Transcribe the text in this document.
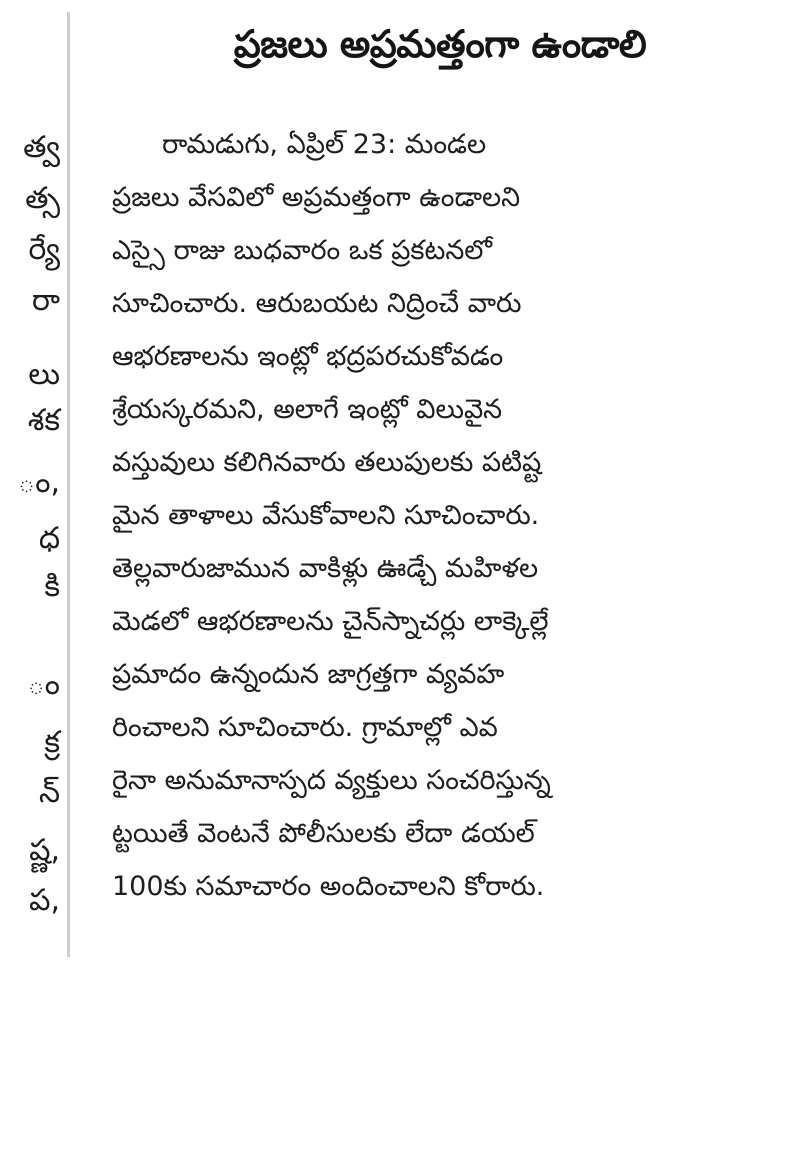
త్వ
త్స
ర్యే
రా
లు
శక
ం,
ధ
కి
ం
క్ర
న్
ష్ణ,
ప,
ప్రజలు అప్రమత్తంగా ఉండాలి
రామడుగు, ఏప్రిల్ 23: మండల
ప్రజలు వేసవిలో అప్రమత్తంగా ఉండాలని
ఎస్సై రాజు బుధవారం ఒక ప్రకటనలో
సూచించారు. ఆరుబయట నిద్రించే వారు
ఆభరణాలను ఇంట్లో భద్రపరచుకోవడం
శ్రేయస్కరమని, అలాగే ఇంట్లో విలువైన
వస్తువులు కలిగినవారు తలుపులకు పటిష్ట
మైన తాళాలు వేసుకోవాలని సూచించారు.
తెల్లవారుజామున వాకిళ్లు ఊడ్చే మహిళల
మెడలో ఆభరణాలను చైన్‌స్నాచర్లు లాక్కెల్లే
ప్రమాదం ఉన్నందున జాగ్రత్తగా వ్యవహ
రించాలని సూచించారు. గ్రామాల్లో ఎవ
రైనా అనుమానాస్పద వ్యక్తులు సంచరిస్తున్న
ట్టయితే వెంటనే పోలీసులకు లేదా డయల్
100కు సమాచారం అందించాలని కోరారు.
